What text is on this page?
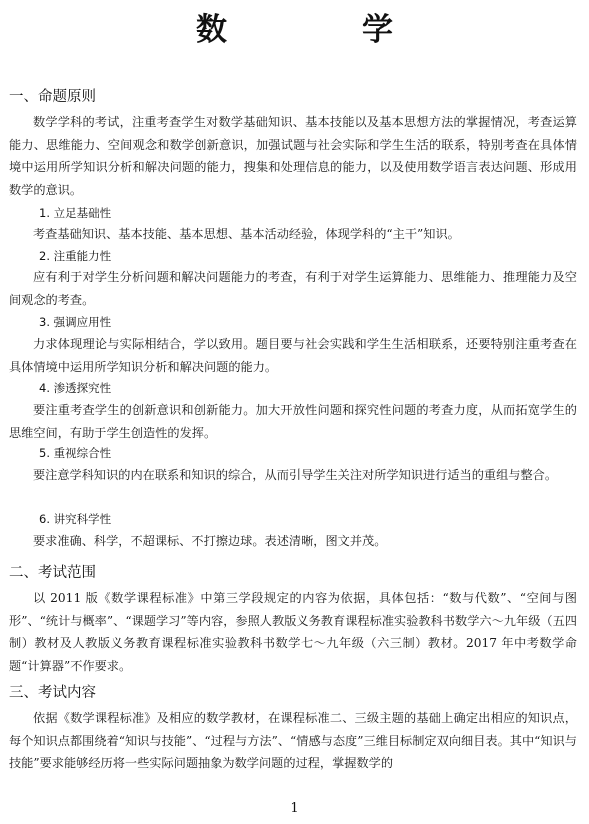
数　学
一、命题原则
数学学科的考试，注重考查学生对数学基础知识、基本技能以及基本思想方法的掌握情况，考查运算能力、思维能力、空间观念和数学创新意识，加强试题与社会实际和学生生活的联系，特别考查在具体情境中运用所学知识分析和解决问题的能力，搜集和处理信息的能力，以及使用数学语言表达问题、形成用数学的意识。
1. 立足基础性
考查基础知识、基本技能、基本思想、基本活动经验，体现学科的“主干”知识。
2. 注重能力性
应有利于对学生分析问题和解决问题能力的考查，有利于对学生运算能力、思维能力、推理能力及空间观念的考查。
3. 强调应用性
力求体现理论与实际相结合，学以致用。题目要与社会实践和学生生活相联系，还要特别注重考查在具体情境中运用所学知识分析和解决问题的能力。
4. 渗透探究性
要注重考查学生的创新意识和创新能力。加大开放性问题和探究性问题的考查力度，从而拓宽学生的思维空间，有助于学生创造性的发挥。
5. 重视综合性
要注意学科知识的内在联系和知识的综合，从而引导学生关注对所学知识进行适当的重组与整合。
6. 讲究科学性
要求准确、科学，不超课标、不打擦边球。表述清晰，图文并茂。
二、考试范围
以 2011 版《数学课程标准》中第三学段规定的内容为依据，具体包括：“数与代数”、“空间与图形”、“统计与概率”、“课题学习”等内容，参照人教版义务教育课程标准实验教科书数学六～九年级（五四制）教材及人教版义务教育课程标准实验教科书数学七～九年级（六三制）教材。2017 年中考数学命题“计算器”不作要求。
三、考试内容
依据《数学课程标准》及相应的数学教材，在课程标准二、三级主题的基础上确定出相应的知识点，每个知识点都围绕着“知识与技能”、“过程与方法”、“情感与态度”三维目标制定双向细目表。其中“知识与技能”要求能够经历将一些实际问题抽象为数学问题的过程，掌握数学的
1
